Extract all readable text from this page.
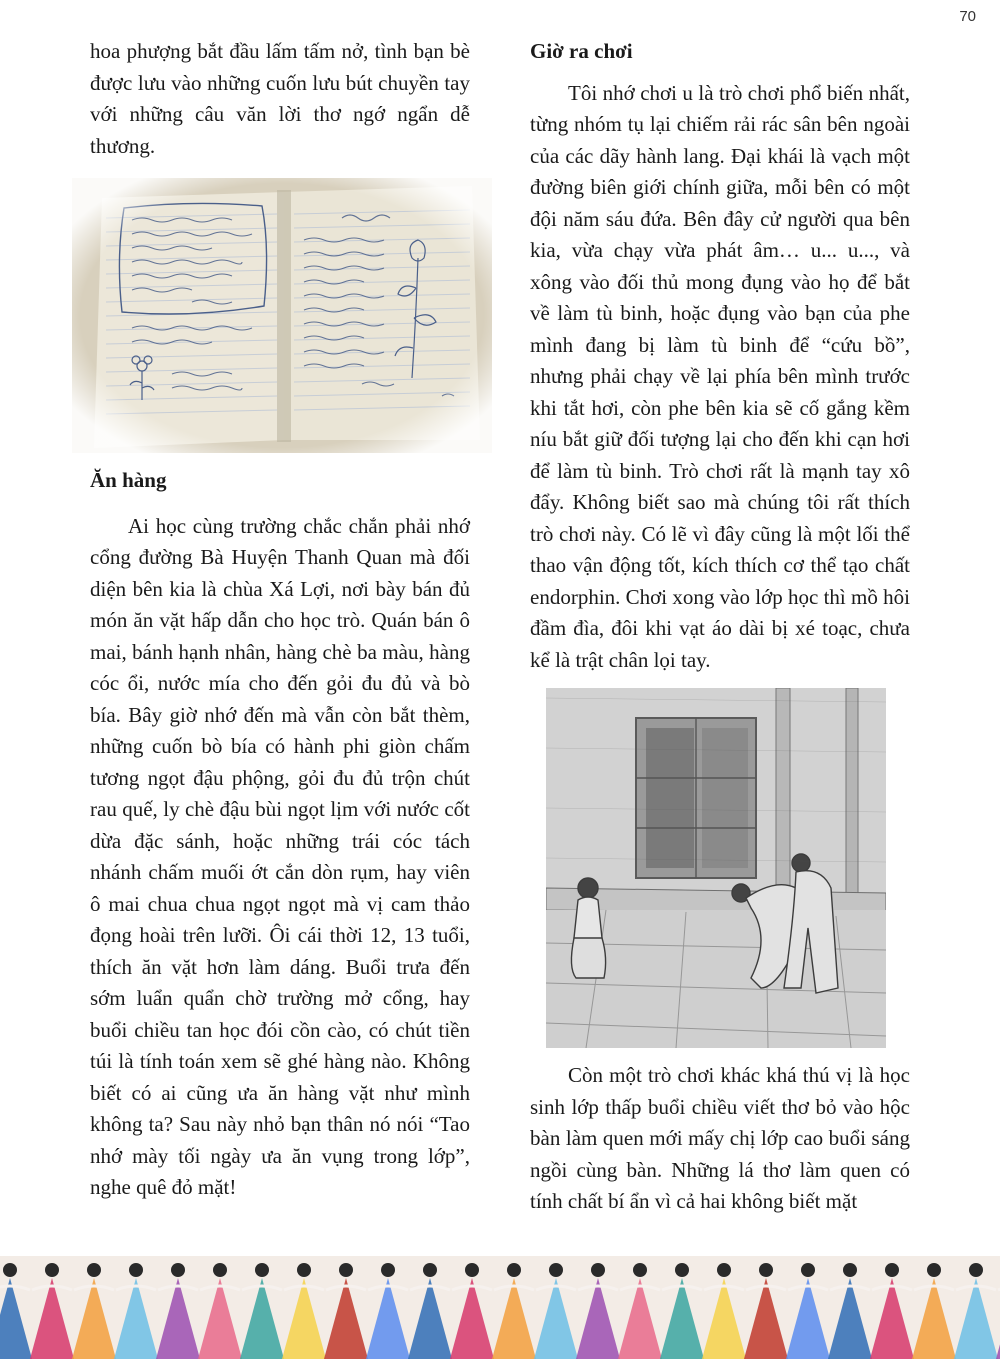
70

hoa phượng bắt đầu lấm tấm nở, tình bạn bè được lưu vào những cuốn lưu bút chuyền tay với những câu văn lời thơ ngớ ngẩn dễ thương.

Ăn hàng

Ai học cùng trường chắc chắn phải nhớ cổng đường Bà Huyện Thanh Quan mà đối diện bên kia là chùa Xá Lợi, nơi bày bán đủ món ăn vặt hấp dẫn cho học trò. Quán bán ô mai, bánh hạnh nhân, hàng chè ba màu, hàng cóc ổi, nước mía cho đến gỏi đu đủ và bò bía. Bây giờ nhớ đến mà vẫn còn bắt thèm, những cuốn bò bía có hành phi giòn chấm tương ngọt đậu phộng, gỏi đu đủ trộn chút rau quế, ly chè đậu bùi ngọt lịm với nước cốt dừa đặc sánh, hoặc những trái cóc tách nhánh chấm muối ớt cắn dòn rụm, hay viên ô mai chua chua ngọt ngọt mà vị cam thảo đọng hoài trên lưỡi. Ôi cái thời 12, 13 tuổi, thích ăn vặt hơn làm dáng. Buổi trưa đến sớm luẩn quẩn chờ trường mở cổng, hay buổi chiều tan học đói cồn cào, có chút tiền túi là tính toán xem sẽ ghé hàng nào. Không biết có ai cũng ưa ăn hàng vặt như mình không ta? Sau này nhỏ bạn thân nó nói “Tao nhớ mày tối ngày ưa ăn vụng trong lớp”, nghe quê đỏ mặt!

Giờ ra chơi

Tôi nhớ chơi u là trò chơi phổ biến nhất, từng nhóm tụ lại chiếm rải rác sân bên ngoài của các dãy hành lang. Đại khái là vạch một đường biên giới chính giữa, mỗi bên có một đội năm sáu đứa. Bên đây cử người qua bên kia, vừa chạy vừa phát âm… u... u..., và xông vào đối thủ mong đụng vào họ để bắt về làm tù binh, hoặc đụng vào bạn của phe mình đang bị làm tù binh để “cứu bồ”, nhưng phải chạy về lại phía bên mình trước khi tắt hơi, còn phe bên kia sẽ cố gắng kềm níu bắt giữ đối tượng lại cho đến khi cạn hơi để làm tù binh. Trò chơi rất là mạnh tay xô đẩy. Không biết sao mà chúng tôi rất thích trò chơi này. Có lẽ vì đây cũng là một lối thể thao vận động tốt, kích thích cơ thể tạo chất endorphin. Chơi xong vào lớp học thì mồ hôi đầm đìa, đôi khi vạt áo dài bị xé toạc, chưa kể là trật chân lọi tay.

Còn một trò chơi khác khá thú vị là học sinh lớp thấp buổi chiều viết thơ bỏ vào hộc bàn làm quen mới mấy chị lớp cao buổi sáng ngồi cùng bàn. Những lá thơ làm quen có tính chất bí ẩn vì cả hai không biết mặt
